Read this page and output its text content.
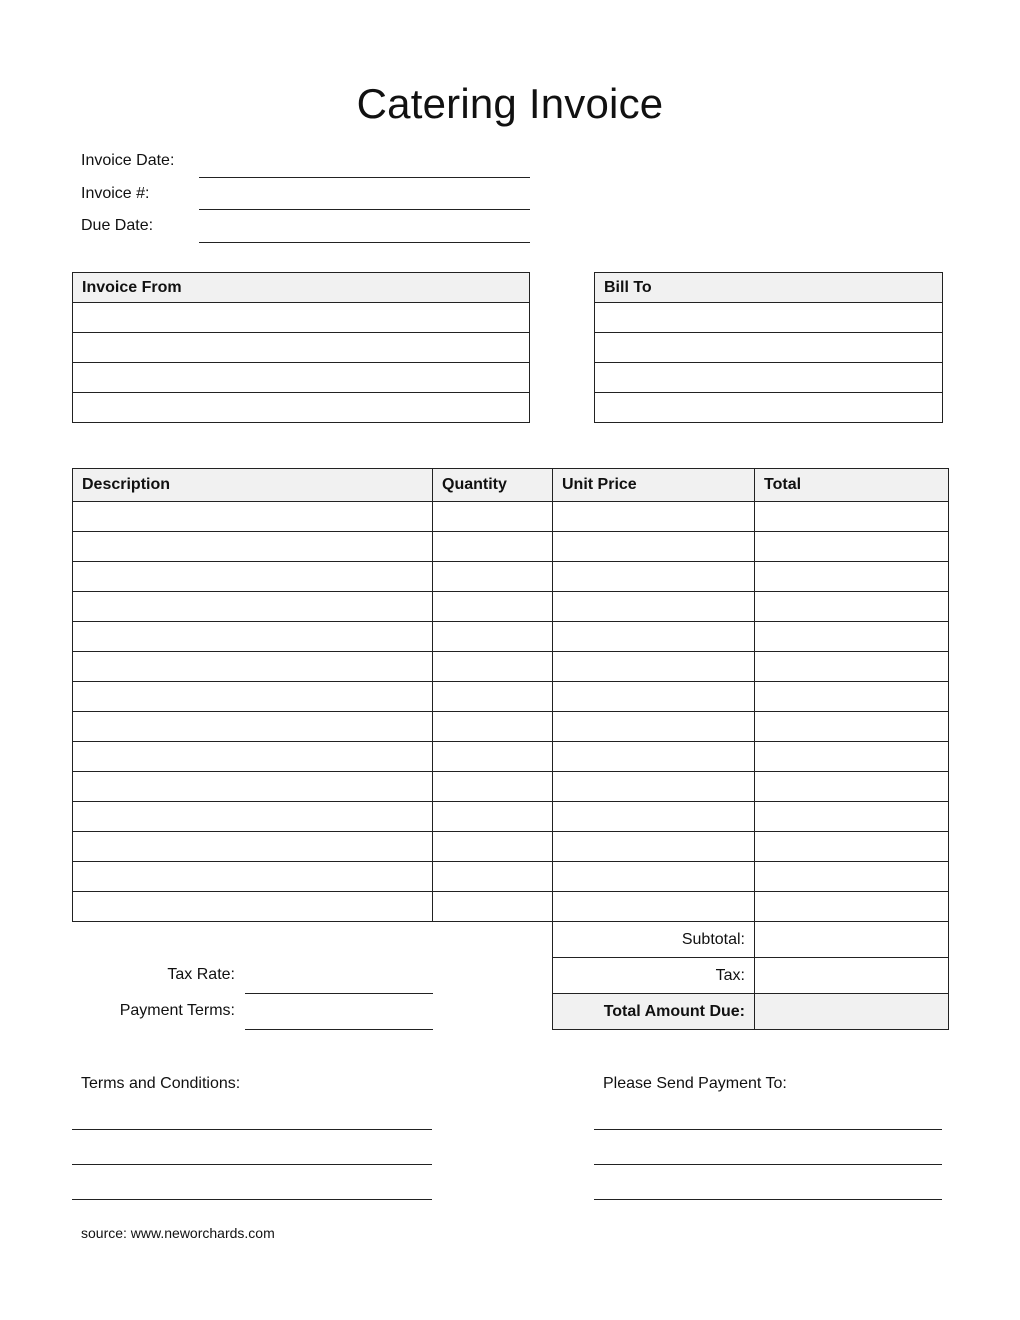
Catering Invoice
Invoice Date:
Invoice #:
Due Date:
Invoice From	Bill To

Description	Quantity	Unit Price	Total

Subtotal:	
Tax:	
Total Amount Due:	
Tax Rate:
Payment Terms:
Terms and Conditions:	Please Send Payment To:
source: www.neworchards.com
